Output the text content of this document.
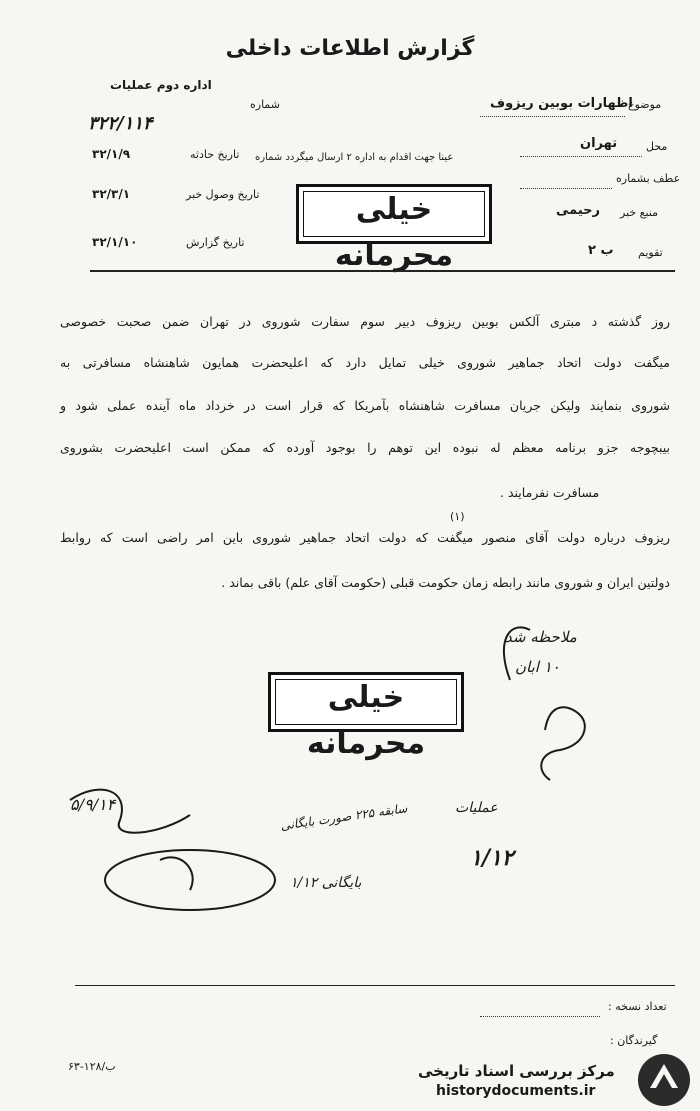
گزارش اطلاعات داخلی
اداره دوم عملیات
شماره
۳۲۲/۱۱۴
تاریخ حادثه
۳۲/۱/۹
تاریخ وصول خبر
۳۲/۳/۱
تاریخ گزارش
۳۲/۱/۱۰
موضوع
اظهارات بوبین ریزوف
محل
تهران
عینا جهت اقدام به اداره ۲ ارسال میگردد شماره
عطف بشماره
منبع خبر
رحیمی
تقویم
ب ۲
خیلی محرمانه
روز گذشته د مبتری آلکس بوبین ریزوف دبیر سوم سفارت شوروی در تهران ضمن صحبت خصوصی
میگفت دولت اتحاد جماهیر شوروی خیلی تمایل دارد که اعلیحضرت همایون شاهنشاه مسافرتی به
شوروی بنمایند ولیکن جریان مسافرت شاهنشاه بآمریکا که قرار است در خرداد ماه آینده عملی شود و
بیبچوجه جزو برنامه معظم له نبوده این توهم را بوجود آورده که ممکن است اعلیحضرت بشوروی
مسافرت نفرمایند .
(۱)
ریزوف درباره دولت آقای منصور میگفت که دولت اتحاد جماهیر شوروی باین امر راضی است که روابط
دولتین ایران و شوروی مانند رابطه زمان حکومت قبلی (حکومت آقای علم) باقی بماند .
ملاحظه شد
۱۰ ابان
خیلی محرمانه
سابقه ۲۲۵ صورت بایگانی
بایگانی ۱/۱۲
عملیات
۱/۱۲
۵/۹/۱۴
تعداد نسخه :
گیرندگان :
۶۳-۱۲۸/ب	مرکز بررسی اسناد تاریخی
historydocuments.ir
